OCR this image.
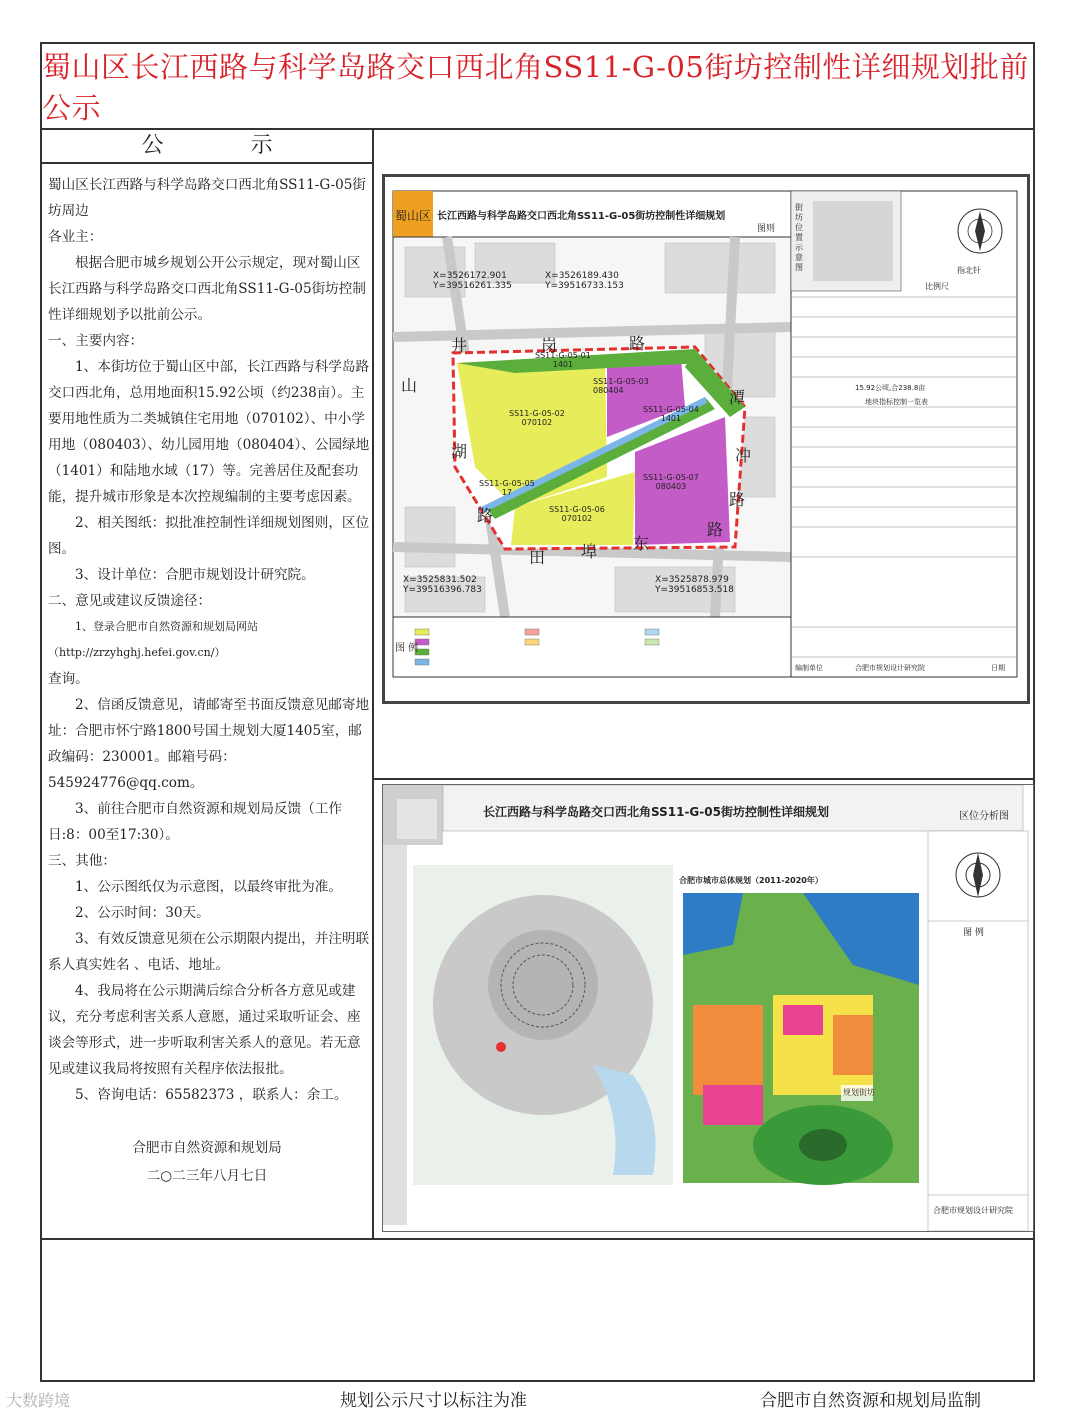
蜀山区长江西路与科学岛路交口西北角SS11-G-05街坊控制性详细规划批前公示
公 示

蜀山区长江西路与科学岛路交口西北角SS11-G-05街坊周边

各业主：

根据合肥市城乡规划公开公示规定，现对蜀山区长江西路与科学岛路交口西北角SS11-G-05街坊控制性详细规划予以批前公示。

一、主要内容：

1、本街坊位于蜀山区中部，长江西路与科学岛路交口西北角，总用地面积15.92公顷（约238亩）。主要用地性质为二类城镇住宅用地（070102）、中小学用地（080403）、幼儿园用地（080404）、公园绿地（1401）和陆地水域（17）等。完善居住及配套功能，提升城市形象是本次控规编制的主要考虑因素。

2、相关图纸：拟批准控制性详细规划图则，区位图。

3、设计单位：合肥市规划设计研究院。

二、意见或建议反馈途径：

1、登录合肥市自然资源和规划局网站（http://zrzyhghj.hefei.gov.cn/）

查询。

2、信函反馈意见，请邮寄至书面反馈意见邮寄地址：合肥市怀宁路1800号国土规划大厦1405室，邮政编码：230001。邮箱号码：545924776@qq.com。

3、前往合肥市自然资源和规划局反馈（工作日:8：00至17:30）。

三、其他：

1、公示图纸仅为示意图，以最终审批为准。

2、公示时间：30天。

3、有效反馈意见须在公示期限内提出，并注明联系人真实姓名 、电话、地址。

4、我局将在公示期满后综合分析各方意见或建议，充分考虑利害关系人意愿，通过采取听证会、座谈会等形式，进一步听取利害关系人的意见。若无意见或建议我局将按照有关程序依法报批。

5、咨询电话：65582373 ，联系人：余工。

合肥市自然资源和规划局
二○二三年八月七日
蜀山区 长江西路与科学岛路交口西北角SS11-G-05街坊控制性详细规划
图则
X=3526172.901
Y=39516261.335
X=3526189.430
Y=39516733.153
X=3525831.502
Y=39516396.783
X=3525878.979
Y=39516853.518
井	岗	路
山
湖
路
潭
冲
路
田 埠 东
路
SS11-G-05-01
1401
SS11-G-05-02
070102
SS11-G-05-03
080404
SS11-G-05-04
1401
SS11-G-05-05
17
SS11-G-05-06
070102
SS11-G-05-07
080403
图 例
街坊位置示意图	指北针
比例尺
15.92公顷,合238.8亩
地块指标控制一览表
编制单位	合肥市规划设计研究院	日期
长江西路与科学岛路交口西北角SS11-G-05街坊控制性详细规划	区位分析图
合肥市城市总体规划（2011-2020年）
规划街坊
图 例
合肥市规划设计研究院
规划公示尺寸以标注为准	合肥市自然资源和规划局监制
大数跨境
